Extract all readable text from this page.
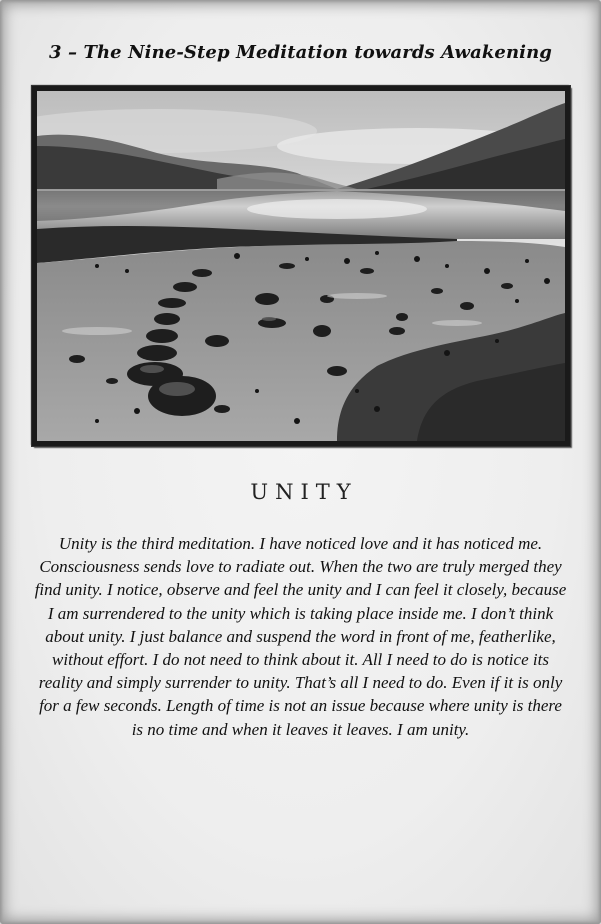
3 – The Nine-Step Meditation towards Awakening
UNITY

Unity is the third meditation. I have noticed love and it has noticed me. Consciousness sends love to radiate out. When the two are truly merged they find unity. I notice, observe and feel the unity and I can feel it closely, because I am surrendered to the unity which is taking place inside me. I don’t think about unity. I just balance and suspend the word in front of me, featherlike, without effort. I do not need to think about it. All I need to do is notice its reality and simply surrender to unity. That’s all I need to do. Even if it is only for a few seconds. Length of time is not an issue because where unity is there is no time and when it leaves it leaves. I am unity.
